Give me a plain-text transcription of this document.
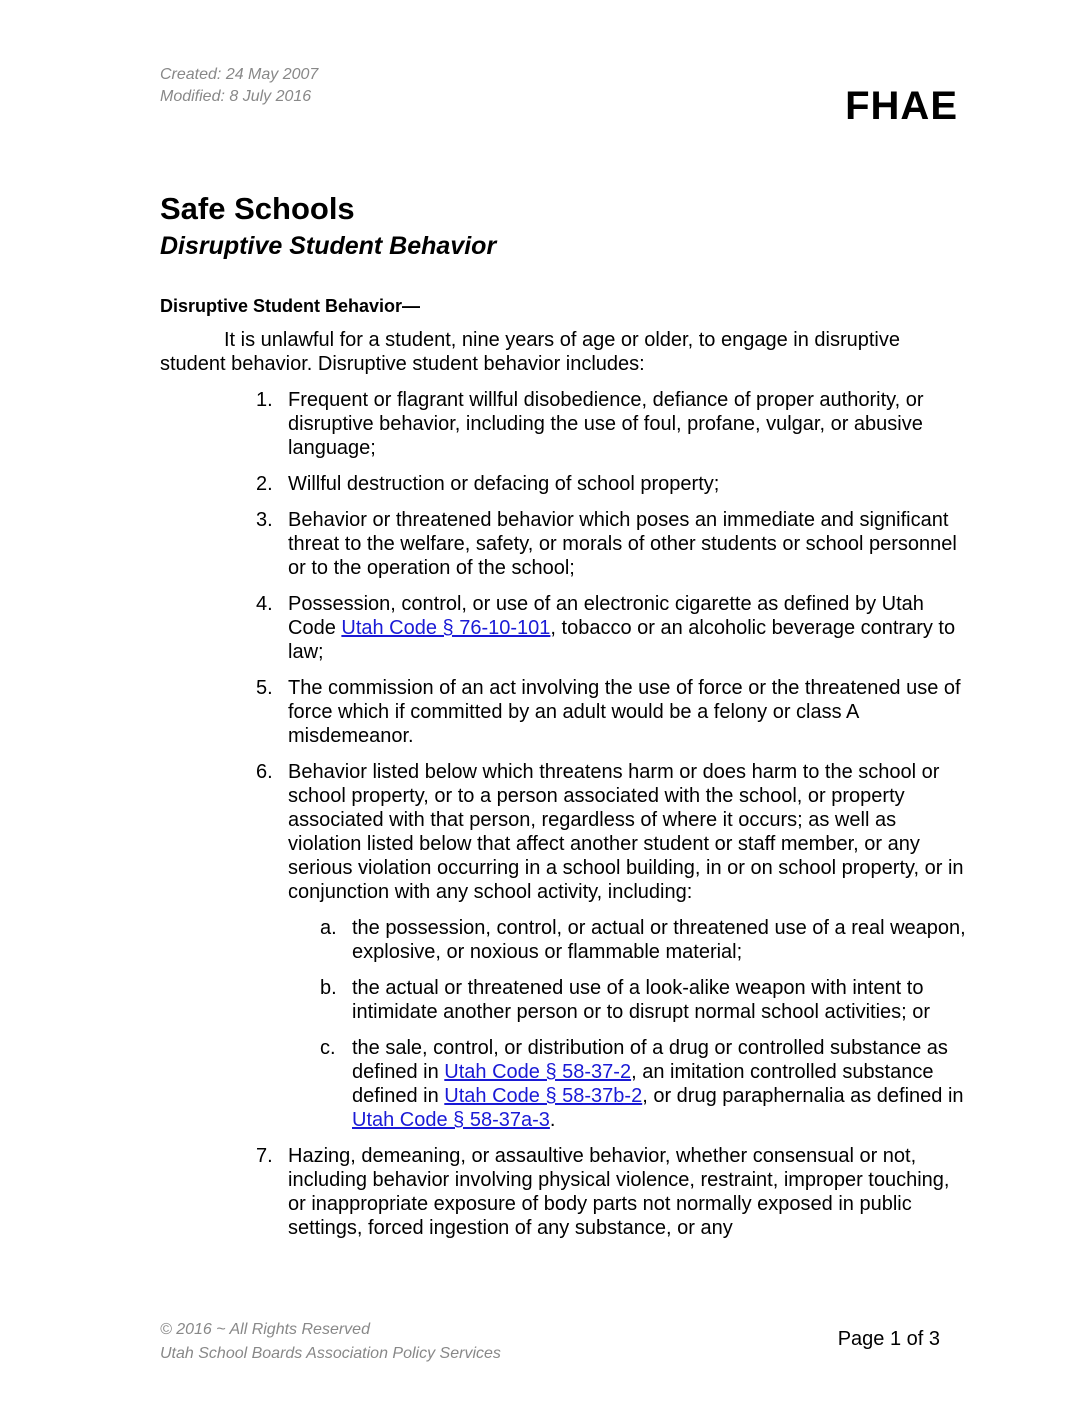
Created: 24 May 2007
Modified: 8 July 2016	FHAE
Safe Schools
Disruptive Student Behavior
Disruptive Student Behavior—

It is unlawful for a student, nine years of age or older, to engage in disruptive student behavior. Disruptive student behavior includes:

1. Frequent or flagrant willful disobedience, defiance of proper authority, or disruptive behavior, including the use of foul, profane, vulgar, or abusive language;
2. Willful destruction or defacing of school property;
3. Behavior or threatened behavior which poses an immediate and significant threat to the welfare, safety, or morals of other students or school personnel or to the operation of the school;
4. Possession, control, or use of an electronic cigarette as defined by Utah Code Utah Code § 76-10-101, tobacco or an alcoholic beverage contrary to law;
5. The commission of an act involving the use of force or the threatened use of force which if committed by an adult would be a felony or class A misdemeanor.
6. Behavior listed below which threatens harm or does harm to the school or school property, or to a person associated with the school, or property associated with that person, regardless of where it occurs; as well as violation listed below that affect another student or staff member, or any serious violation occurring in a school building, in or on school property, or in conjunction with any school activity, including:
a. the possession, control, or actual or threatened use of a real weapon, explosive, or noxious or flammable material;
b. the actual or threatened use of a look-alike weapon with intent to intimidate another person or to disrupt normal school activities; or
c. the sale, control, or distribution of a drug or controlled substance as defined in Utah Code § 58-37-2, an imitation controlled substance defined in Utah Code § 58-37b-2, or drug paraphernalia as defined in Utah Code § 58-37a-3.
7. Hazing, demeaning, or assaultive behavior, whether consensual or not, including behavior involving physical violence, restraint, improper touching, or inappropriate exposure of body parts not normally exposed in public settings, forced ingestion of any substance, or any
© 2016 ~ All Rights Reserved
Utah School Boards Association Policy Services
Page 1 of 3
